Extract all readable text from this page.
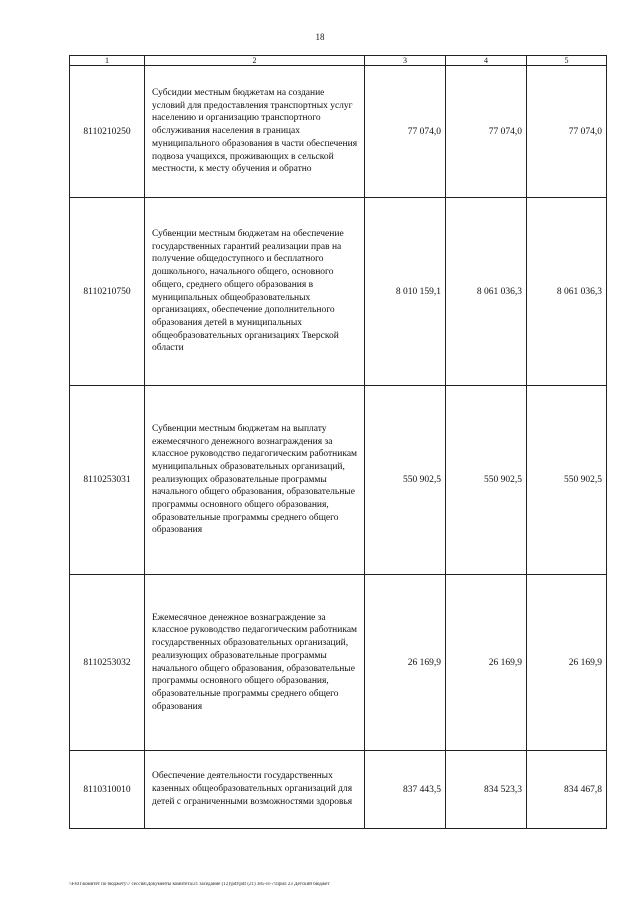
18
1	2	3	4	5
8110210250	Субсидии местным бюджетам на создание условий для предоставления транспортных услуг населению и организацию транспортного обслуживания населения в границах муниципального образования в части обеспечения подвоза учащихся, проживающих в сельской местности, к месту обучения и обратно	77 074,0	77 074,0	77 074,0
8110210750	Субвенции местным бюджетам на обеспечение государственных гарантий реализации прав на получение общедоступного и бесплатного дошкольного, начального общего, основного общего, среднего общего образования в муниципальных общеобразовательных организациях, обеспечение дополнительного образования детей в муниципальных общеобразовательных организациях Тверской области	8 010 159,1	8 061 036,3	8 061 036,3
8110253031	Субвенции местным бюджетам на выплату ежемесячного денежного вознаграждения за классное руководство педагогическим работникам муниципальных образовательных организаций, реализующих образовательные программы начального общего образования, образовательные программы основного общего образования, образовательные программы среднего общего образования	550 902,5	550 902,5	550 902,5
8110253032	Ежемесячное денежное вознаграждение за классное руководство педагогическим работникам государственных образовательных организаций, реализующих образовательные программы начального общего образования, образовательные программы основного общего образования, образовательные программы среднего общего образования	26 169,9	26 169,9	26 169,9
8110310010	Обеспечение деятельности государственных казенных общеобразовательных организаций для детей с ограниченными возможностями здоровья	837 443,5	834 523,3	834 467,8
\\Fs01\комитет по бюджету\7 сессия\Документы комитета\21 заседание (12)\pdf\pdf (21) 385-П-7\Прил 23 Детский бюджет
